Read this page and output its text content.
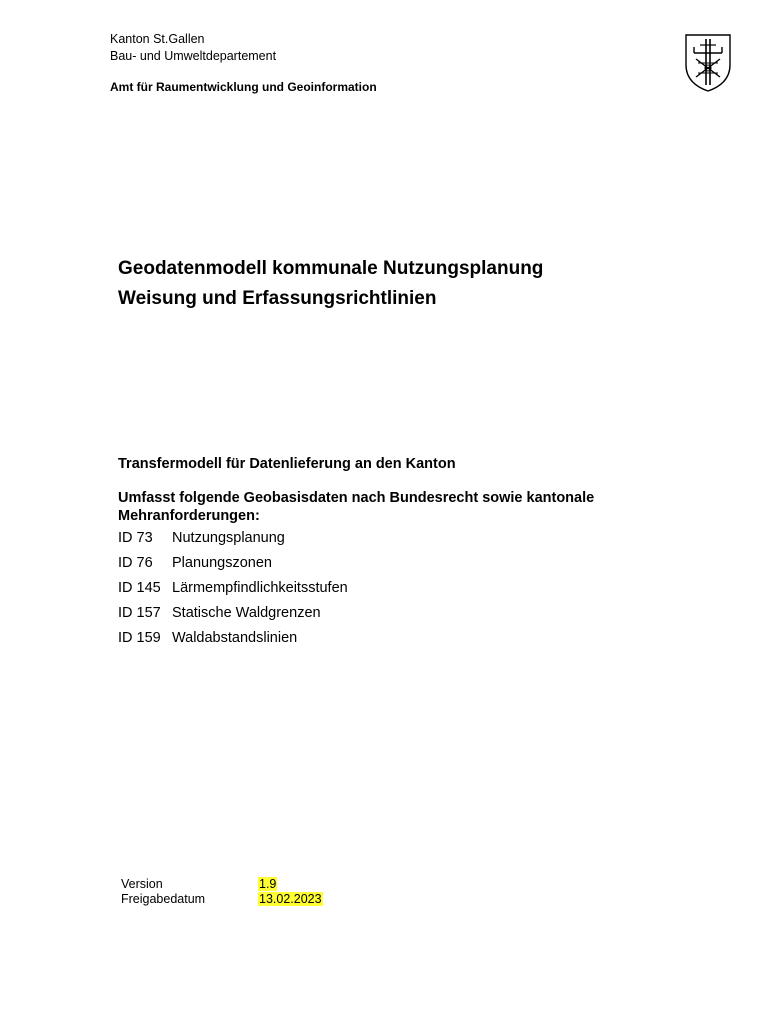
Kanton St.Gallen
Bau- und Umweltdepartement
Amt für Raumentwicklung und Geoinformation
Geodatenmodell kommunale Nutzungsplanung
Weisung und Erfassungsrichtlinien
Transfermodell für Datenlieferung an den Kanton
Umfasst folgende Geobasisdaten nach Bundesrecht sowie kantonale Mehranforderungen:
ID 73 Nutzungsplanung
ID 76 Planungszonen
ID 145 Lärmempfindlichkeitsstufen
ID 157 Statische Waldgrenzen
ID 159 Waldabstandslinien
Version	1.9
Freigabedatum	13.02.2023
